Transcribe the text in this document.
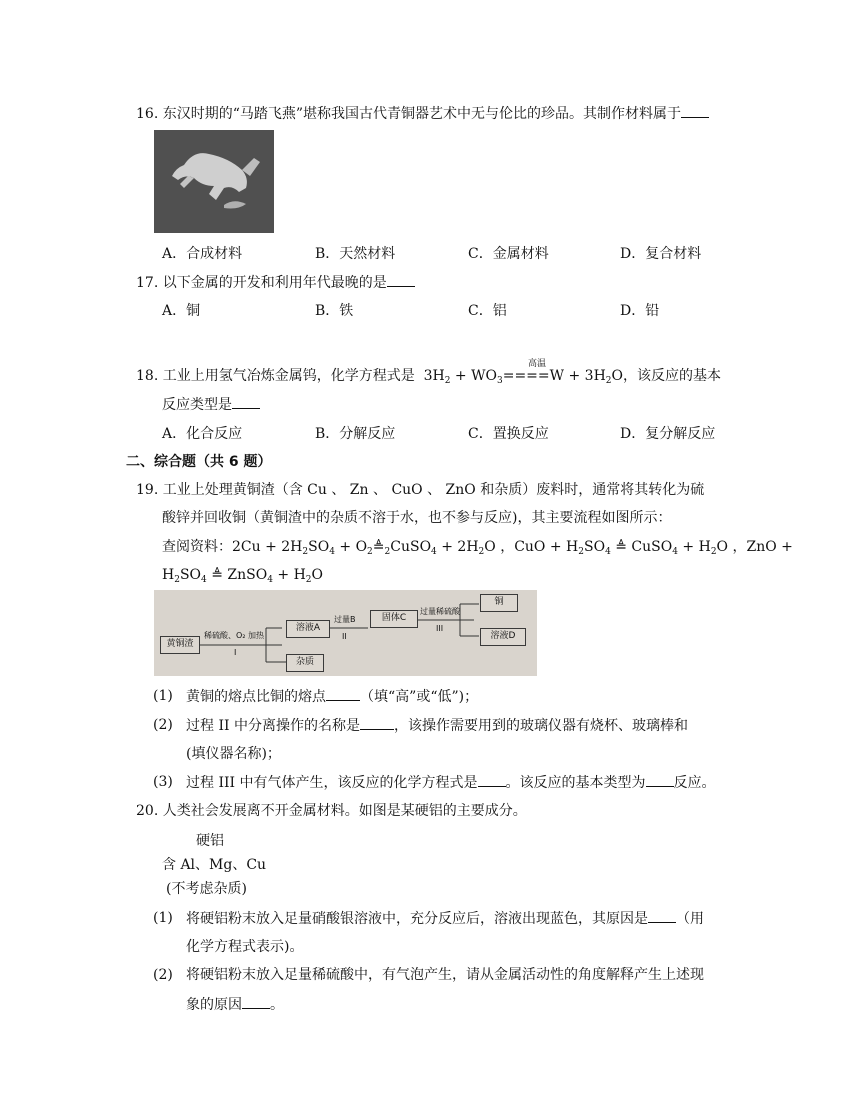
16. 东汉时期的“马踏飞燕”堪称我国古代青铜器艺术中无与伦比的珍品。其制作材料属于
A．合成材料	B．天然材料	C．金属材料	D．复合材料
17. 以下金属的开发和利用年代最晚的是
A．铜	B．铁	C．铝	D．铅
高温
18. 工业上用氢气冶炼金属钨，化学方程式是  $3H_2 + WO_3====W + 3H_2O$，该反应的基本
反应类型是
A．化合反应	B．分解反应	C．置换反应	D．复分解反应
二、综合题（共 6 题）
19. 工业上处理黄铜渣（含 Cu 、 Zn 、 CuO 、 ZnO 和杂质）废料时，通常将其转化为硫
酸锌并回收铜（黄铜渣中的杂质不溶于水，也不参与反应)，其主要流程如图所示：
查阅资料：$2Cu + 2H_2SO_4$ + $O_2≜_2CuSO_4 + 2H_2O$ ，CuO + $H_2SO_4$ ≜ CuSO$_4$ + $H_2O$ ，ZnO +
$H_2SO_4$ ≜ ZnSO$_4$ + $H_2O$
黄铜渣
稀硫酸、O₂ 加热
I
溶液A
杂质
过量B
II
固体C
过量稀硫酸
III
铜
溶液D
(1) 黄铜的熔点比铜的熔点 （填“高”或“低”)；
(2) 过程 II 中分离操作的名称是 ，该操作需要用到的玻璃仪器有烧杯、玻璃棒和
(填仪器名称)；
(3) 过程 III 中有气体产生，该反应的化学方程式是 。该反应的基本类型为 反应。
20. 人类社会发展离不开金属材料。如图是某硬铝的主要成分。
硬铝
含 Al、Mg、Cu
(不考虑杂质)
(1) 将硬铝粉末放入足量硝酸银溶液中，充分反应后，溶液出现蓝色，其原因是 （用
化学方程式表示)。
(2) 将硬铝粉末放入足量稀硫酸中，有气泡产生，请从金属活动性的角度解释产生上述现
象的原因 。
